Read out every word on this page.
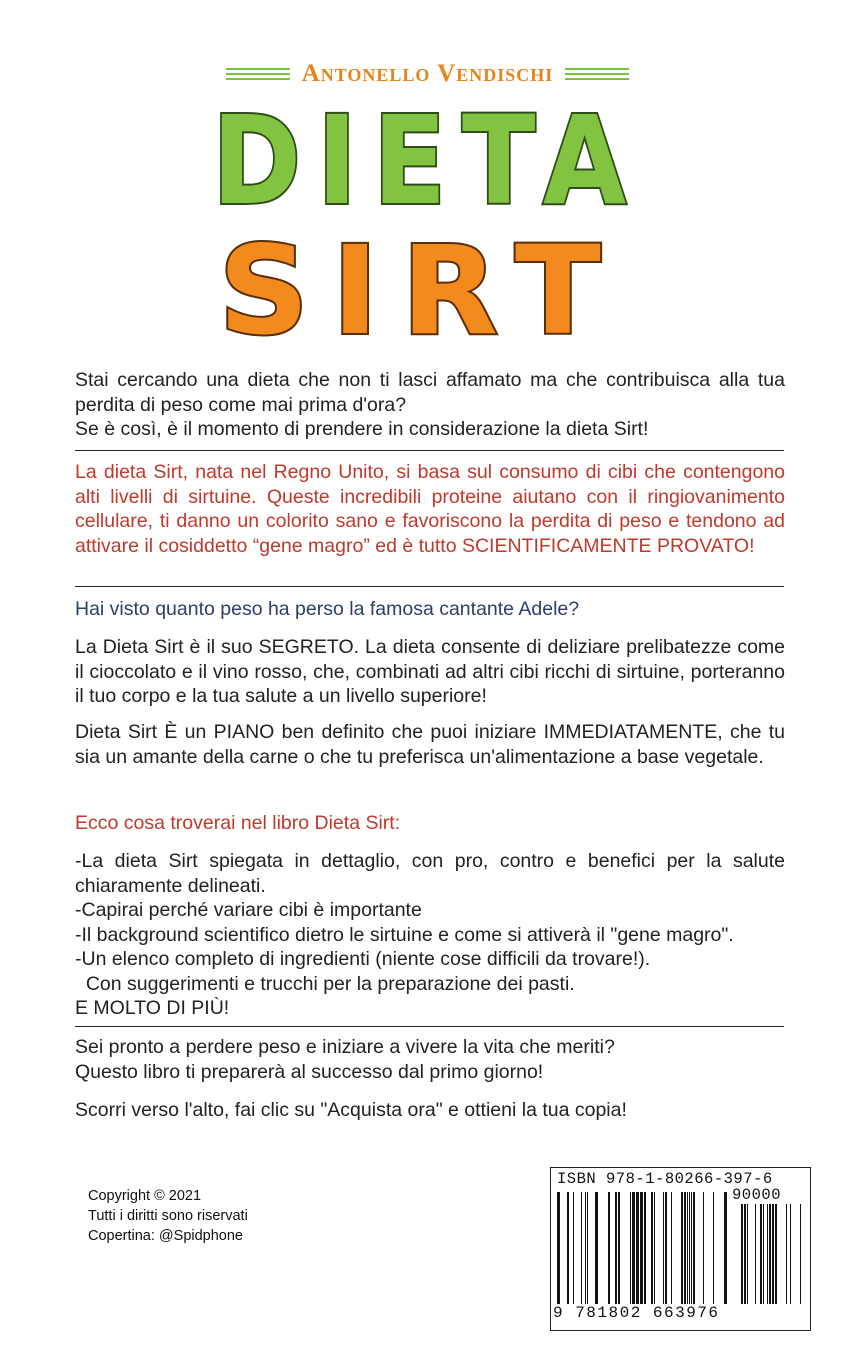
Antonello Vendischi
DIETA
SIRT

Stai cercando una dieta che non ti lasci affamato ma che contribuisca alla tua perdita di peso come mai prima d'ora?

Se è così, è il momento di prendere in considerazione la dieta Sirt!

La dieta Sirt, nata nel Regno Unito, si basa sul consumo di cibi che contengono alti livelli di sirtuine. Queste incredibili proteine aiutano con il ringiovanimento cellulare, ti danno un colorito sano e favoriscono la perdita di peso e tendono ad attivare il cosiddetto “gene magro” ed è tutto SCIENTIFICAMENTE PROVATO!
Hai visto quanto peso ha perso la famosa cantante Adele?
La Dieta Sirt è il suo SEGRETO. La dieta consente di deliziare prelibatezze come il cioccolato e il vino rosso, che, combinati ad altri cibi ricchi di sirtuine, porteranno il tuo corpo e la tua salute a un livello superiore!
Dieta Sirt È un PIANO ben definito che puoi iniziare IMMEDIATAMENTE, che tu sia un amante della carne o che tu preferisca un'alimentazione a base vegetale.
Ecco cosa troverai nel libro Dieta Sirt:

-La dieta Sirt spiegata in dettaglio, con pro, contro e benefici per la salute chiaramente delineati.

-Capirai perché variare cibi è importante

-Il background scientifico dietro le sirtuine e come si attiverà il "gene magro".

-Un elenco completo di ingredienti (niente cose difficili da trovare!).

Con suggerimenti e trucchi per la preparazione dei pasti.

E MOLTO DI PIÙ!

Sei pronto a perdere peso e iniziare a vivere la vita che meriti?

Questo libro ti preparerà al successo dal primo giorno!

Scorri verso l'alto, fai clic su "Acquista ora" e ottieni la tua copia!
Copyright © 2021
Tutti i diritti sono riservati
Copertina: @Spidphone
ISBN 978-1-80266-397-6
90000
9 781802 663976
